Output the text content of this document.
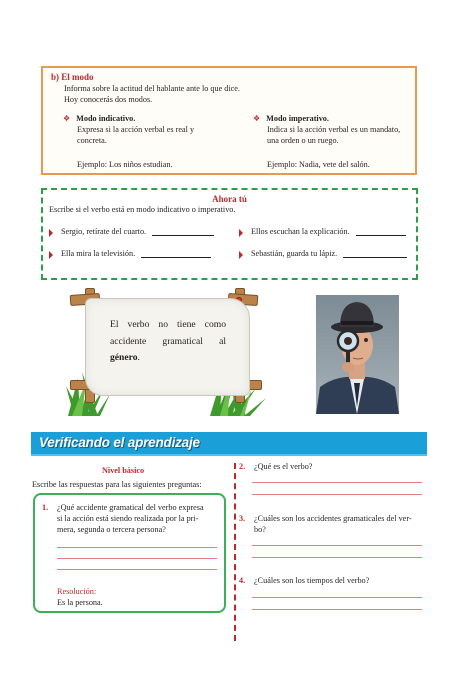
b) El modo
Informa sobre la actitud del hablante ante lo que dice.
Hoy conocerás dos modos.
❖ Modo indicativo.
Expresa si la acción verbal es real y
concreta.
Ejemplo: Los niños estudian.
❖ Modo imperativo.
Indica si la acción verbal es un mandato,
una orden o un ruego.
Ejemplo: Nadia, vete del salón.
Ahora tú
Escribe si el verbo está en modo indicativo o imperativo.
Sergio, retírate del cuarto.	Ellos escuchan la explicación.
Ella mira la televisión.	Sebastián, guarda tu lápiz.
El verbo no tiene como accidente gramatical al género.
Verificando el aprendizaje
Nivel básico
Escribe las respuestas para las siguientes preguntas:
1.	¿Qué accidente gramatical del verbo expresa
si la acción está siendo realizada por la pri-
mera, segunda o tercera persona?
Resolución:
Es la persona.
2. ¿Qué es el verbo?
3.	¿Cuáles son los accidentes gramaticales del ver-
bo?
4. ¿Cuáles son los tiempos del verbo?
